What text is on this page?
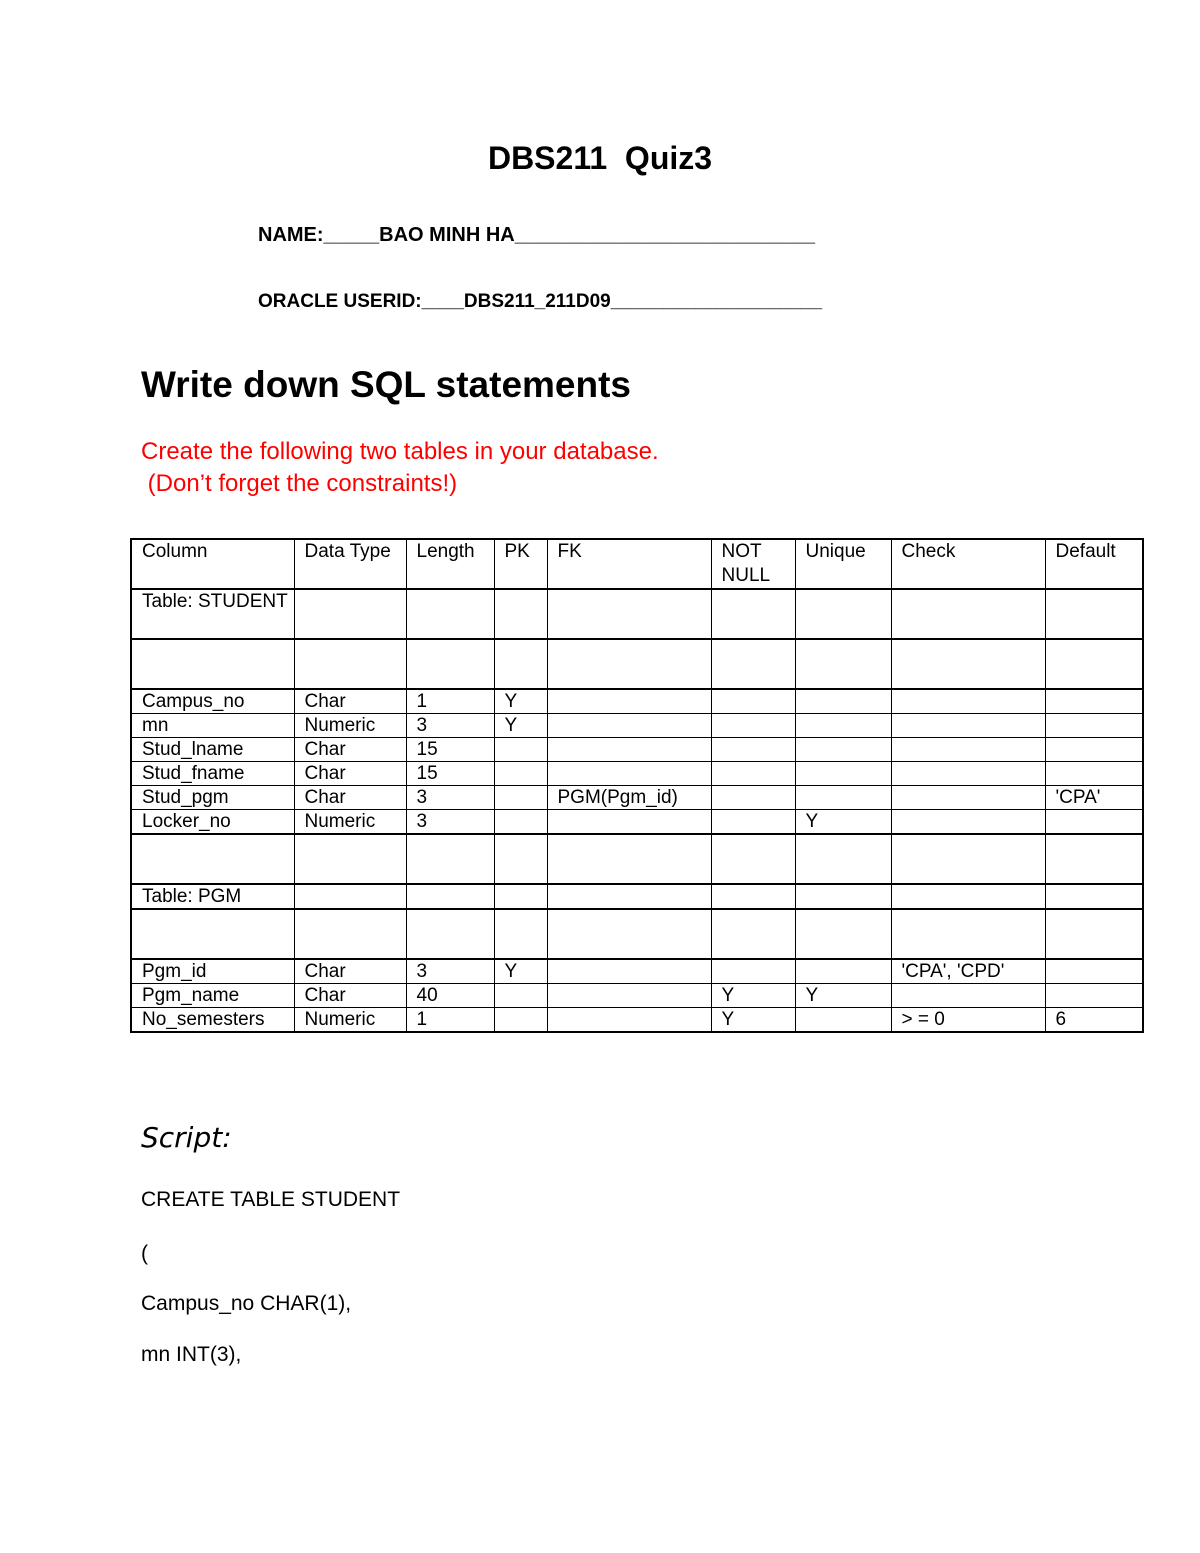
DBS211  Quiz3
NAME:_____BAO MINH HA___________________________
ORACLE USERID:____DBS211_211D09____________________
Write down SQL statements
Create the following two tables in your database.
(Don’t forget the constraints!)
Column	Data Type	Length	PK	FK	NOT NULL	Unique	Check	Default
Table: STUDENT								

Campus_no	Char	1	Y					
mn	Numeric	3	Y					
Stud_lname	Char	15						
Stud_fname	Char	15						
Stud_pgm	Char	3		PGM(Pgm_id)				'CPA'
Locker_no	Numeric	3				Y		

Table: PGM								

Pgm_id	Char	3	Y				'CPA', 'CPD'	
Pgm_name	Char	40			Y	Y		
No_semesters	Numeric	1			Y		> = 0	6
Script:
CREATE TABLE STUDENT
(
Campus_no CHAR(1),
mn INT(3),
